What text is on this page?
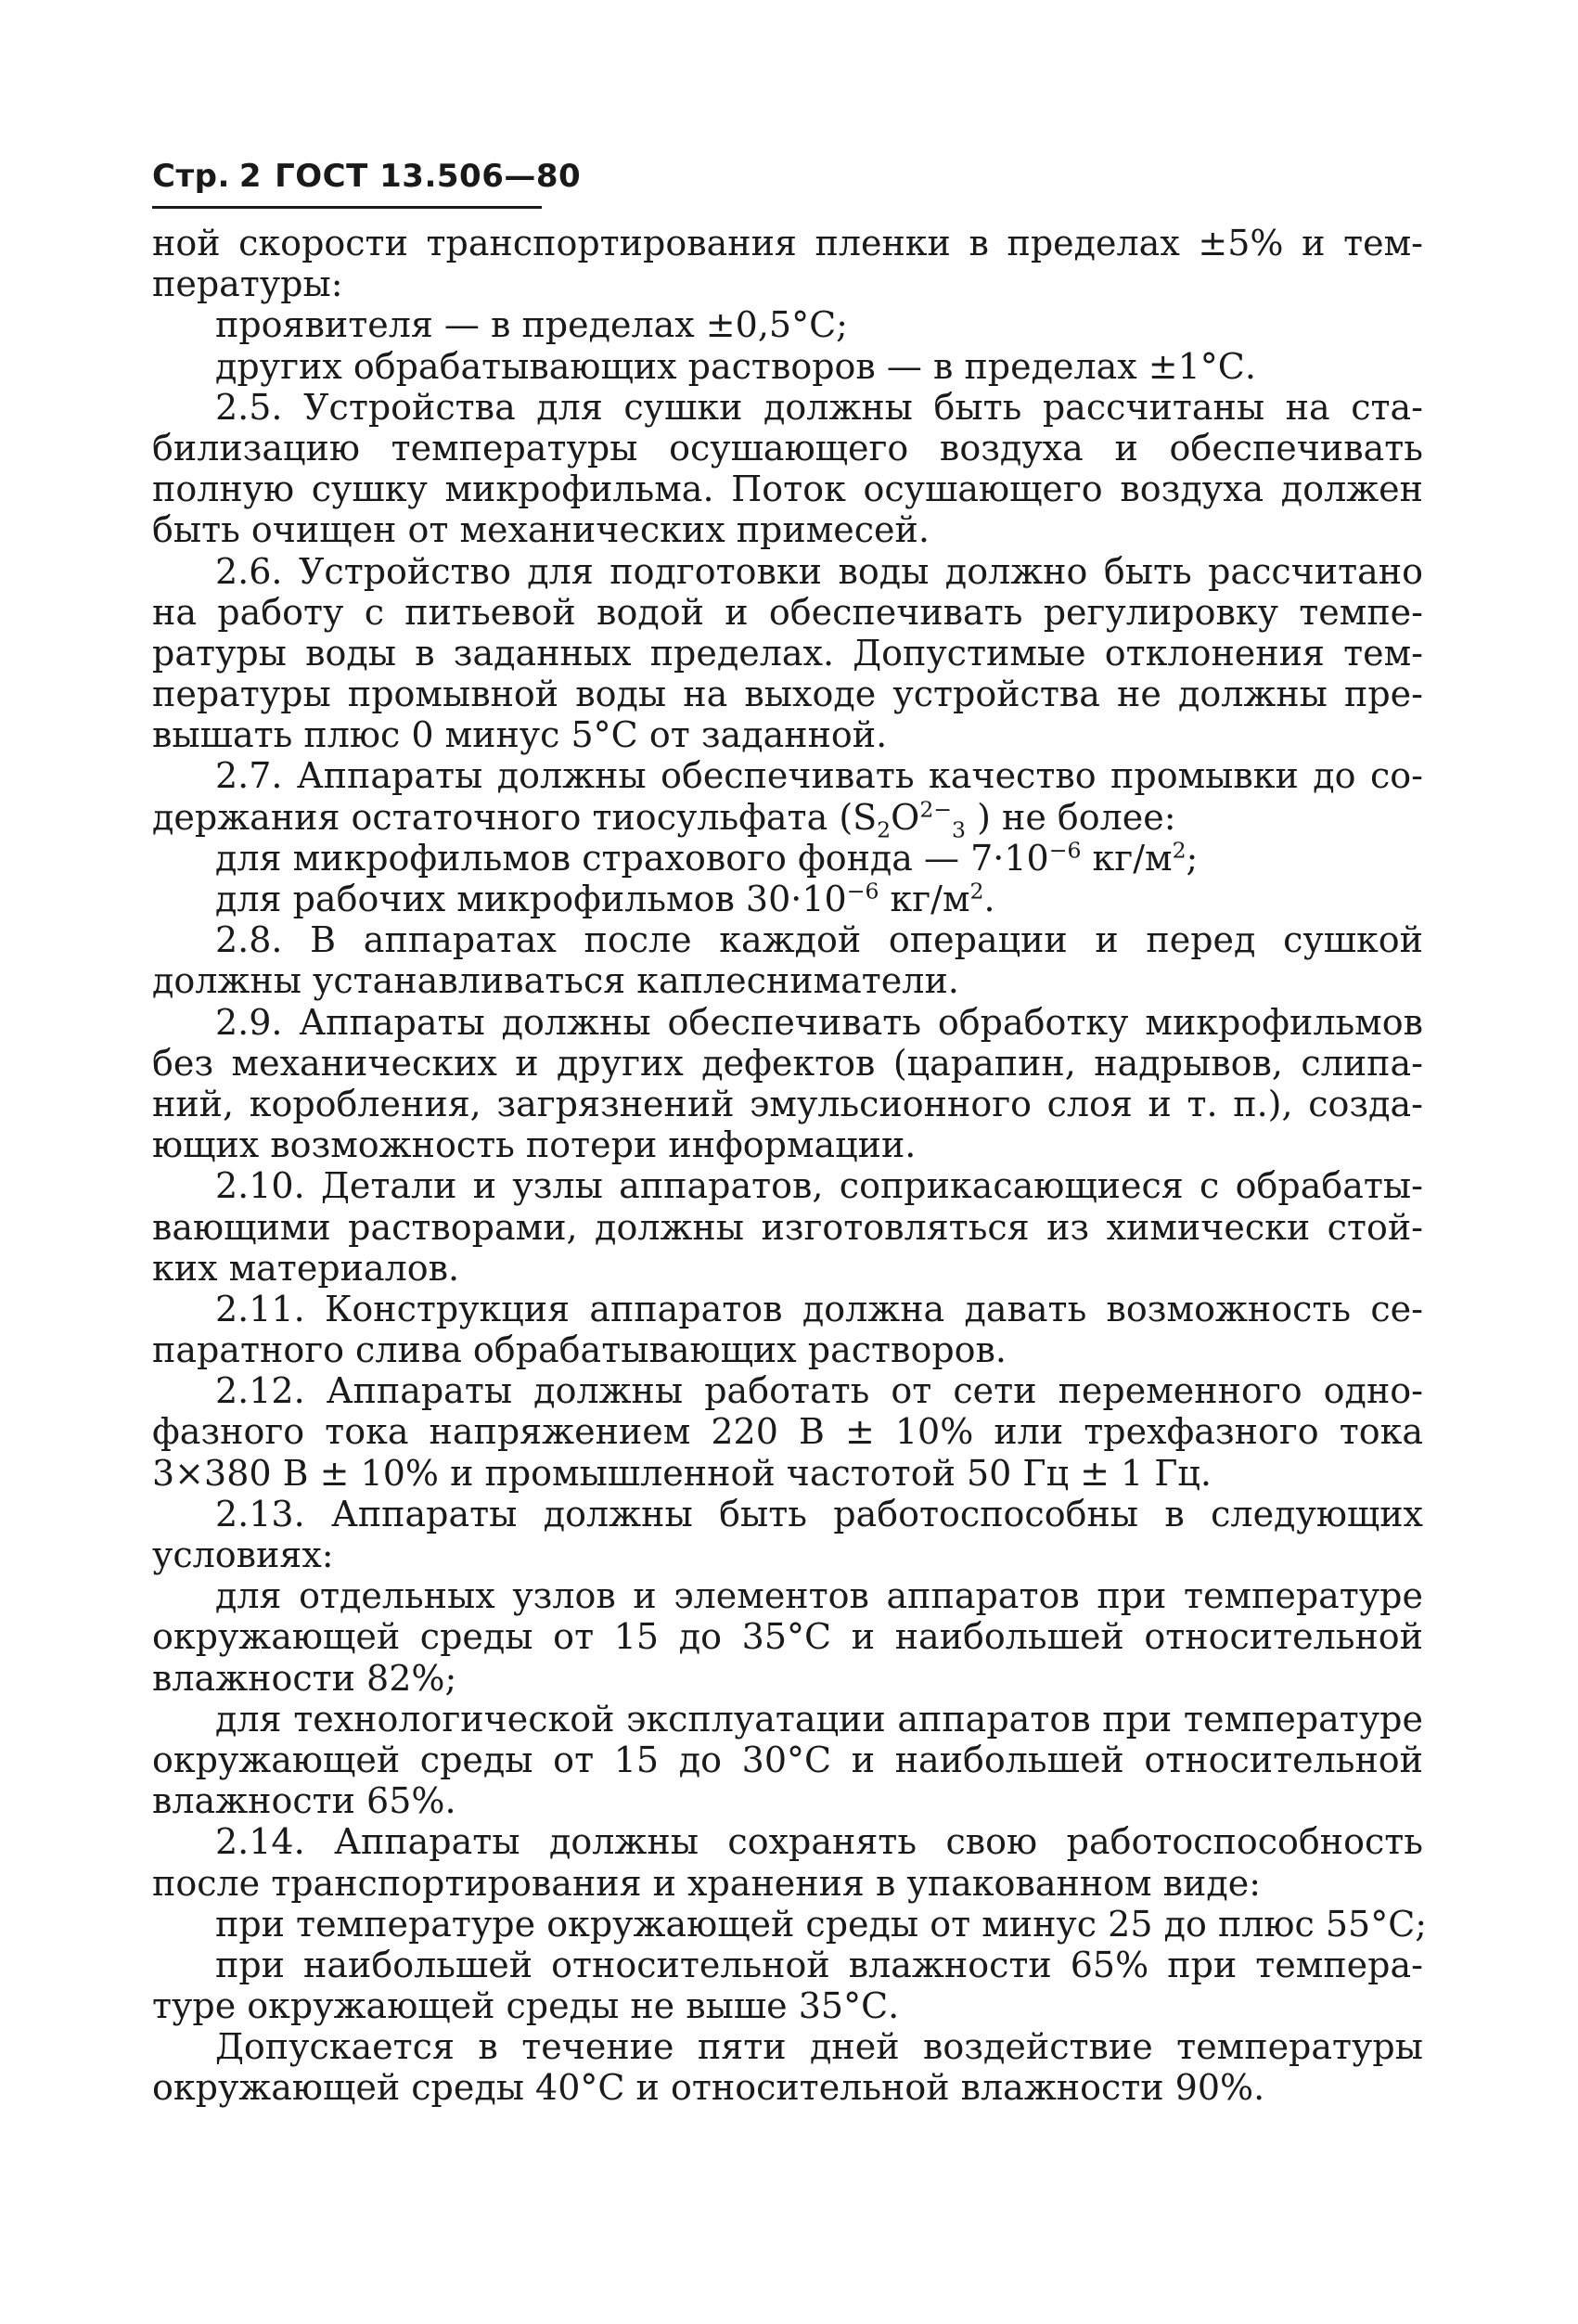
Стр. 2 ГОСТ 13.506—80
ной скорости транспортирования пленки в пределах ±5% и тем-
пературы:
проявителя — в пределах ±0,5°С;
других обрабатывающих растворов — в пределах ±1°С.
2.5. Устройства для сушки должны быть рассчитаны на ста-
билизацию температуры осушающего воздуха и обеспечивать
полную сушку микрофильма. Поток осушающего воздуха должен
быть очищен от механических примесей.
2.6. Устройство для подготовки воды должно быть рассчитано
на работу с питьевой водой и обеспечивать регулировку темпе-
ратуры воды в заданных пределах. Допустимые отклонения тем-
пературы промывной воды на выходе устройства не должны пре-
вышать плюс 0 минус 5°С от заданной.
2.7. Аппараты должны обеспечивать качество промывки до со-
держания остаточного тиосульфата ($S_2O^{2-}_3$ ) не более:
для микрофильмов страхового фонда — $7\cdot 10^{-6}$ $кг/м^2$;
для рабочих микрофильмов $30\cdot 10^{-6}$ $кг/м^2$.
2.8. В аппаратах после каждой операции и перед сушкой
должны устанавливаться каплесниматели.
2.9. Аппараты должны обеспечивать обработку микрофильмов
без механических и других дефектов (царапин, надрывов, слипа-
ний, коробления, загрязнений эмульсионного слоя и т. п.), созда-
ющих возможность потери информации.
2.10. Детали и узлы аппаратов, соприкасающиеся с обрабаты-
вающими растворами, должны изготовляться из химически стой-
ких материалов.
2.11. Конструкция аппаратов должна давать возможность се-
паратного слива обрабатывающих растворов.
2.12. Аппараты должны работать от сети переменного одно-
фазного тока напряжением 220 В ± 10% или трехфазного тока
3×380 В ± 10% и промышленной частотой 50 Гц ± 1 Гц.
2.13. Аппараты должны быть работоспособны в следующих
условиях:
для отдельных узлов и элементов аппаратов при температуре
окружающей среды от 15 до 35°С и наибольшей относительной
влажности 82%;
для технологической эксплуатации аппаратов при температуре
окружающей среды от 15 до 30°С и наибольшей относительной
влажности 65%.
2.14. Аппараты должны сохранять свою работоспособность
после транспортирования и хранения в упакованном виде:
при температуре окружающей среды от минус 25 до плюс 55°С;
при наибольшей относительной влажности 65% при темпера-
туре окружающей среды не выше 35°С.
Допускается в течение пяти дней воздействие температуры
окружающей среды 40°С и относительной влажности 90%.
